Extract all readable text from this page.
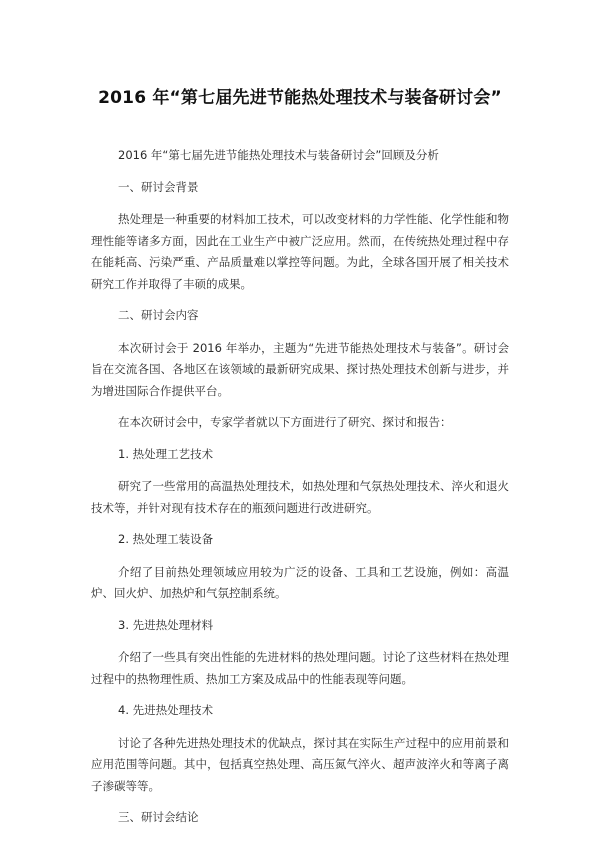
2016 年“第七届先进节能热处理技术与装备研讨会”

2016 年“第七届先进节能热处理技术与装备研讨会”回顾及分析

一、研讨会背景

热处理是一种重要的材料加工技术，可以改变材料的力学性能、化学性能和物理性能等诸多方面，因此在工业生产中被广泛应用。然而，在传统热处理过程中存在能耗高、污染严重、产品质量难以掌控等问题。为此，全球各国开展了相关技术研究工作并取得了丰硕的成果。

二、研讨会内容

本次研讨会于 2016 年举办，主题为“先进节能热处理技术与装备”。研讨会旨在交流各国、各地区在该领域的最新研究成果、探讨热处理技术创新与进步，并为增进国际合作提供平台。

在本次研讨会中，专家学者就以下方面进行了研究、探讨和报告：

1. 热处理工艺技术

研究了一些常用的高温热处理技术，如热处理和气氛热处理技术、淬火和退火技术等，并针对现有技术存在的瓶颈问题进行改进研究。

2. 热处理工装设备

介绍了目前热处理领域应用较为广泛的设备、工具和工艺设施，例如：高温炉、回火炉、加热炉和气氛控制系统。

3. 先进热处理材料

介绍了一些具有突出性能的先进材料的热处理问题。讨论了这些材料在热处理过程中的热物理性质、热加工方案及成品中的性能表现等问题。

4. 先进热处理技术

讨论了各种先进热处理技术的优缺点，探讨其在实际生产过程中的应用前景和应用范围等问题。其中，包括真空热处理、高压氮气淬火、超声波淬火和等离子离子渗碳等等。

三、研讨会结论
